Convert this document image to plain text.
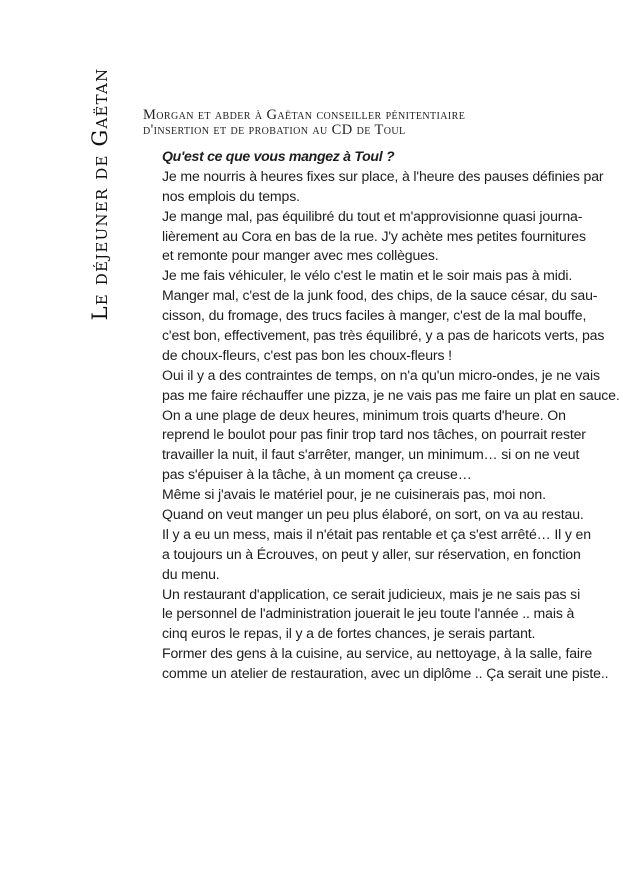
Le déjeuner de Gaëtan Morgan et abder à Gaëtan conseiller pénitentiaire
d'insertion et de probation au CD de Toul
Qu'est ce que vous mangez à Toul ?
Je me nourris à heures fixes sur place, à l'heure des pauses définies par
nos emplois du temps.
Je mange mal, pas équilibré du tout et m'approvisionne quasi journa-
lièrement au Cora en bas de la rue. J'y achète mes petites fournitures
et remonte pour manger avec mes collègues.
Je me fais véhiculer, le vélo c'est le matin et le soir mais pas à midi.
Manger mal, c'est de la junk food, des chips, de la sauce césar, du sau-
cisson, du fromage, des trucs faciles à manger, c'est de la mal bouffe,
c'est bon, effectivement, pas très équilibré, y a pas de haricots verts, pas
de choux-fleurs, c'est pas bon les choux-fleurs !
Oui il y a des contraintes de temps, on n'a qu'un micro-ondes, je ne vais
pas me faire réchauffer une pizza, je ne vais pas me faire un plat en sauce.
On a une plage de deux heures, minimum trois quarts d'heure. On
reprend le boulot pour pas finir trop tard nos tâches, on pourrait rester
travailler la nuit, il faut s'arrêter, manger, un minimum… si on ne veut
pas s'épuiser à la tâche, à un moment ça creuse…
Même si j'avais le matériel pour, je ne cuisinerais pas, moi non.
Quand on veut manger un peu plus élaboré, on sort, on va au restau.
Il y a eu un mess, mais il n'était pas rentable et ça s'est arrêté… Il y en
a toujours un à Écrouves, on peut y aller, sur réservation, en fonction
du menu.
Un restaurant d'application, ce serait judicieux, mais je ne sais pas si
le personnel de l'administration jouerait le jeu toute l'année .. mais à
cinq euros le repas, il y a de fortes chances, je serais partant.
Former des gens à la cuisine, au service, au nettoyage, à la salle, faire
comme un atelier de restauration, avec un diplôme .. Ça serait une piste..
